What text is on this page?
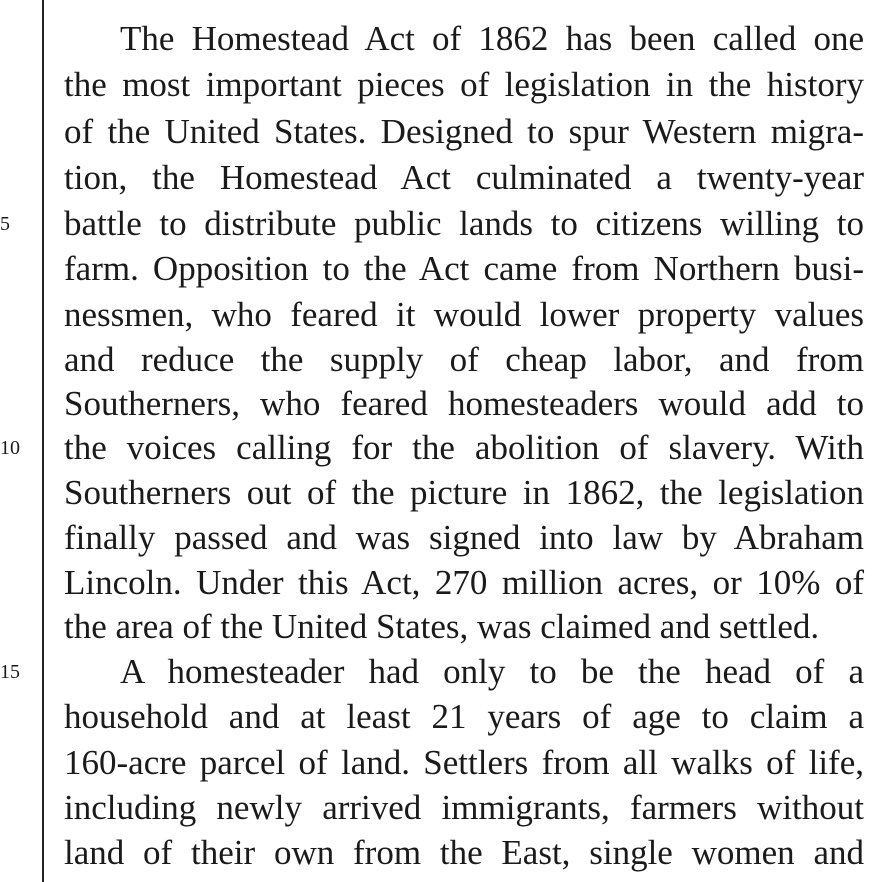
5
10
15
The Homestead Act of 1862 has been called one
the most important pieces of legislation in the history
of the United States. Designed to spur Western migra-
tion, the Homestead Act culminated a twenty-year
battle to distribute public lands to citizens willing to
farm. Opposition to the Act came from Northern busi-
nessmen, who feared it would lower property values
and reduce the supply of cheap labor, and from
Southerners, who feared homesteaders would add to
the voices calling for the abolition of slavery. With
Southerners out of the picture in 1862, the legislation
finally passed and was signed into law by Abraham
Lincoln. Under this Act, 270 million acres, or 10% of
the area of the United States, was claimed and settled.
A homesteader had only to be the head of a
household and at least 21 years of age to claim a
160-acre parcel of land. Settlers from all walks of life,
including newly arrived immigrants, farmers without
land of their own from the East, single women and
